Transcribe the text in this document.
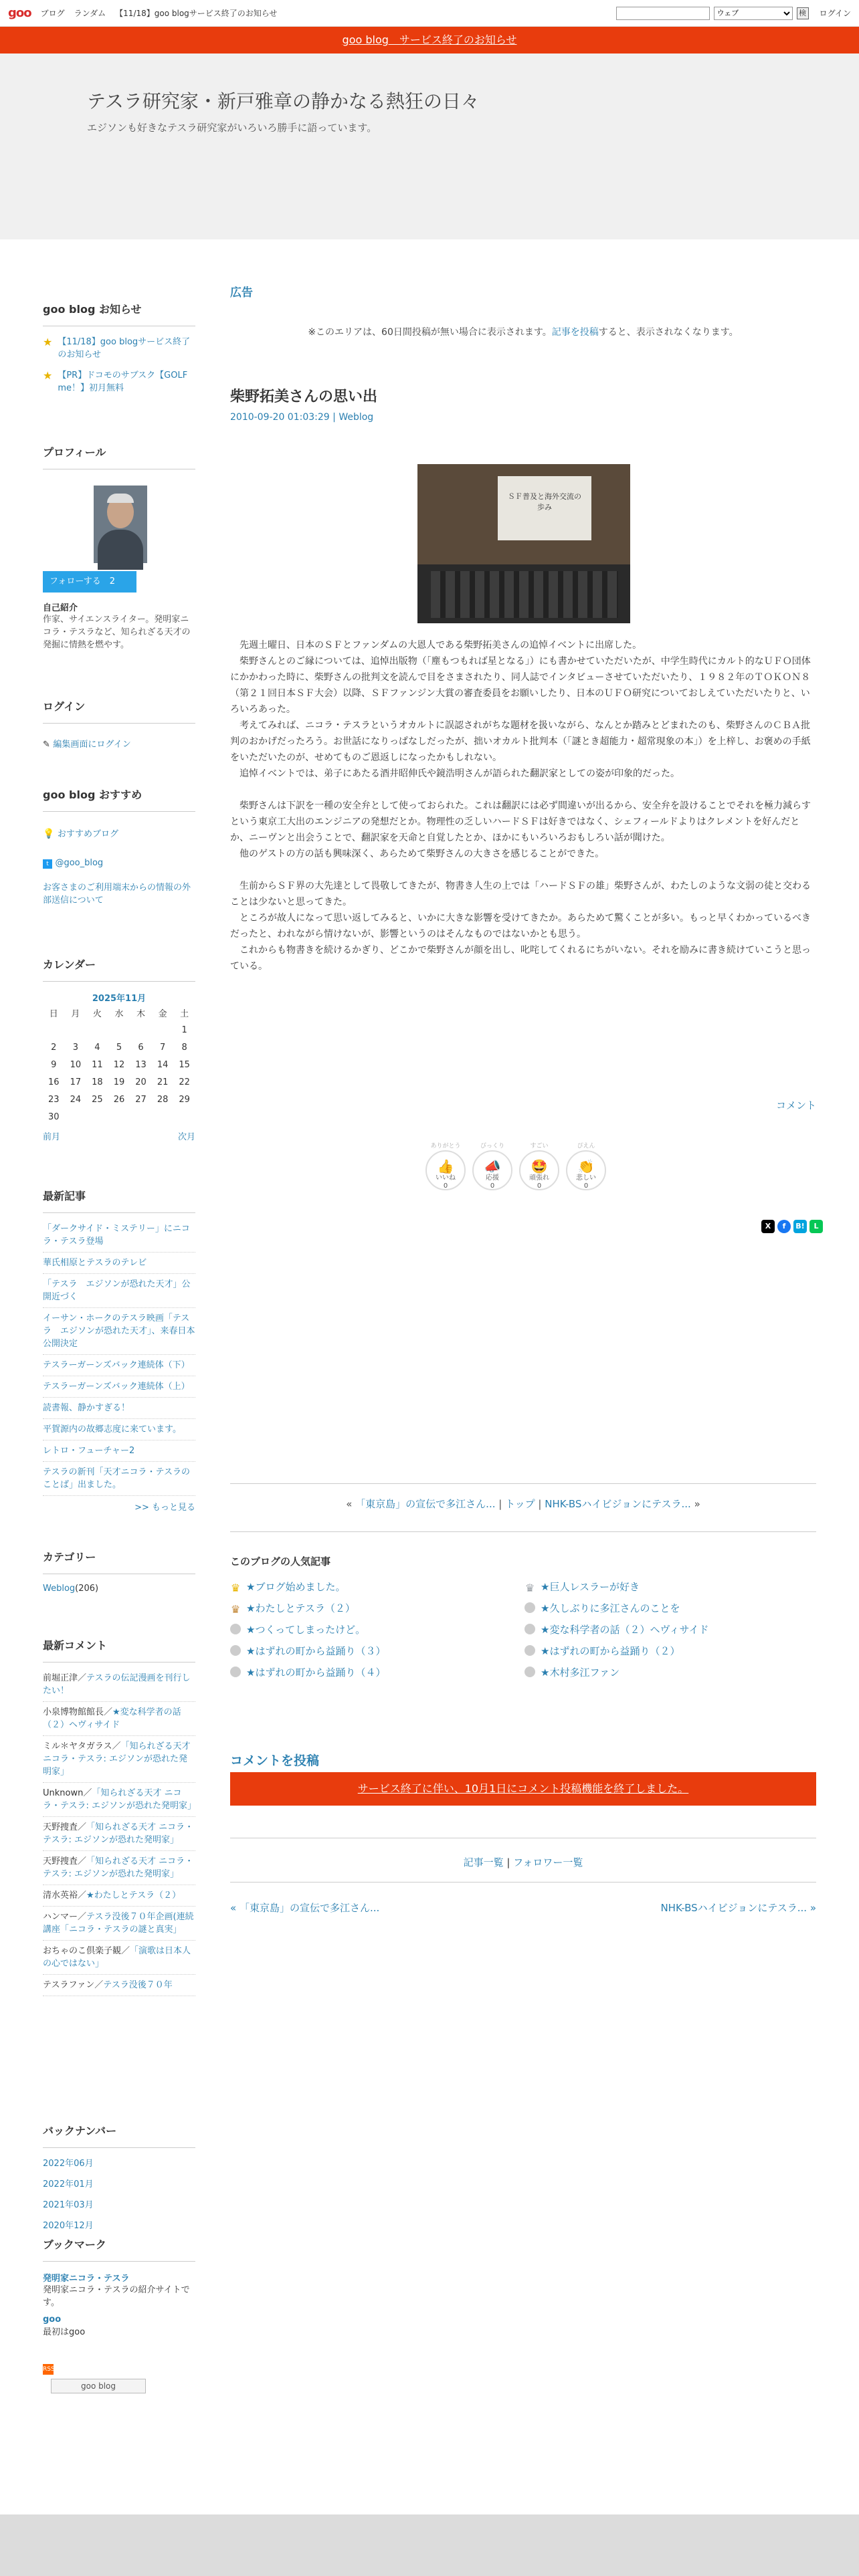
goo ブログ ランダム 【11/18】goo blogサービス終了のお知らせ
ウェブ	検 ログイン
goo blog　サービス終了のお知らせ
テスラ研究家・新戸雅章の静かなる熱狂の日々

エジソンも好きなテスラ研究家がいろいろ勝手に語っています。

goo blog お知らせ
★ 【11/18】goo blogサービス終了のお知らせ
★ 【PR】ドコモのサブスク【GOLF me！】初月無料
プロフィール
フォローする　 2
自己紹介
作家、サイエンスライター。発明家ニコラ・テスラなど、知られざる天才の発掘に情熱を燃やす。
ログイン
✎ 編集画面にログイン
goo blog おすすめ
💡 おすすめブログ
t @goo_blog
お客さまのご利用端末からの情報の外部送信について
カレンダー
2025年11月
日	月	火	水	木	金	土
						1
2	3	4	5	6	7	8
9	10	11	12	13	14	15
16	17	18	19	20	21	22
23	24	25	26	27	28	29
30						
前月	次月
最新記事
「ダークサイド・ミステリー」にニコラ・テスラ登場
華氏相原とテスラのテレビ
「テスラ　エジソンが恐れた天才」公開近づく
イーサン・ホークのテスラ映画「テスラ　エジソンが恐れた天才」、来春日本公開決定
テスラーガーンズバック連続体（下）
テスラーガーンズバック連続体（上）
読書報、静かすぎる！
平賀源内の故郷志度に来ています。
レトロ・フューチャー2
テスラの新刊「天才ニコラ・テスラのことば」出ました。
>> もっと見る
カテゴリー
Weblog(206)
最新コメント
前堀正津／テスラの伝記漫画を刊行したい！
小泉博物館館長／★変な科学者の話（２）ヘヴィサイド
ミル＊ヤタガラス／「知られざる天才 ニコラ・テスラ: エジソンが恐れた発明家」
Unknown／「知られざる天才 ニコラ・テスラ: エジソンが恐れた発明家」
天野捜査／「知られざる天才 ニコラ・テスラ: エジソンが恐れた発明家」
天野捜査／「知られざる天才 ニコラ・テスラ: エジソンが恐れた発明家」
清水英裕／★わたしとテスラ（２）
ハンマー／テスラ没後７０年企画(連続講座「ニコラ・テスラの謎と真実」
おちゃのこ倶楽子観／「演歌は日本人の心ではない」
テスラファン／テスラ没後７０年
バックナンバー
2022年06月
2022年01月
2021年03月
2020年12月
ブックマーク
発明家ニコラ・テスラ
発明家ニコラ・テスラの紹介サイトです。
goo
最初はgoo
RSS
goo blog
広告
※このエリアは、60日間投稿が無い場合に表示されます。記事を投稿すると、表示されなくなります。
柴野拓美さんの思い出
2010-09-20 01:03:29 | Weblog
ＳＦ普及と海外交流の歩み

　先週土曜日、日本のＳＦとファンダムの大恩人である柴野拓美さんの追悼イベントに出席した。

　柴野さんとのご縁については、追悼出版物（「塵もつもれば星となる」）にも書かせていただいたが、中学生時代にカルト的なＵＦＯ団体にかかわった時に、柴野さんの批判文を読んで目をさまされたり、同人誌でインタビューさせていただいたり、１９８２年のＴＯＫＯＮ８（第２１回日本ＳＦ大会）以降、ＳＦファンジン大賞の審査委員をお願いしたり、日本のＵＦＯ研究についておしえていただいたりと、いろいろあった。

　考えてみれば、ニコラ・テスラというオカルトに誤認されがちな題材を扱いながら、なんとか踏みとどまれたのも、柴野さんのＣＢＡ批判のおかげだったろう。お世話になりっぱなしだったが、拙いオカルト批判本（「謎とき超能力・超常現象の本」）を上梓し、お褒めの手紙をいただいたのが、せめてものご恩返しになったかもしれない。

　追悼イベントでは、弟子にあたる酒井昭伸氏や鏡浩明さんが語られた翻訳家としての姿が印象的だった。

　柴野さんは下訳を一種の安全弁として使っておられた。これは翻訳には必ず間違いが出るから、安全弁を設けることでそれを極力減らすという東京工大出のエンジニアの発想だとか。物理性の乏しいハードＳＦは好きではなく、シェフィールドよりはクレメントを好んだとか、ニーヴンと出会うことで、翻訳家を天命と自覚したとか、ほかにもいろいろおもしろい話が聞けた。

　他のゲストの方の話も興味深く、あらためて柴野さんの大きさを感じることができた。

　生前からＳＦ界の大先達として畏敬してきたが、物書き人生の上では「ハードＳＦの雄」柴野さんが、わたしのような文弱の徒と交わることは少ないと思ってきた。

　ところが故人になって思い返してみると、いかに大きな影響を受けてきたか。あらためて驚くことが多い。もっと早くわかっているべきだったと、われながら情けないが、影響というのはそんなものではないかとも思う。

　これからも物書きを続けるかぎり、どこかで柴野さんが顔を出し、叱咤してくれるにちがいない。それを励みに書き続けていこうと思っている。

コメント
ありがとう
👍
いいね
0
びっくり
📣
応援
0
すごい
🤩
頑張れ
0
ぴえん
👏
悲しい
0
X	f	B!	L
« 「東京島」の宣伝で多江さん... | トップ | NHK-BSハイビジョンにテスラ... »
このブログの人気記事
♛ ★ブログ始めました。	♛ ★巨人レスラーが好き
♛ ★わたしとテスラ（２）	★久しぶりに多江さんのことを
★つくってしまったけど。	★変な科学者の話（２）ヘヴィサイド
★はずれの町から益踊り（３）	★はずれの町から益踊り（２）
★はずれの町から益踊り（４）	★木村多江ファン
コメントを投稿
サービス終了に伴い、10月1日にコメント投稿機能を終了しました。
記事一覧 | フォロワー一覧
« 「東京島」の宣伝で多江さん...	NHK-BSハイビジョンにテスラ... »
